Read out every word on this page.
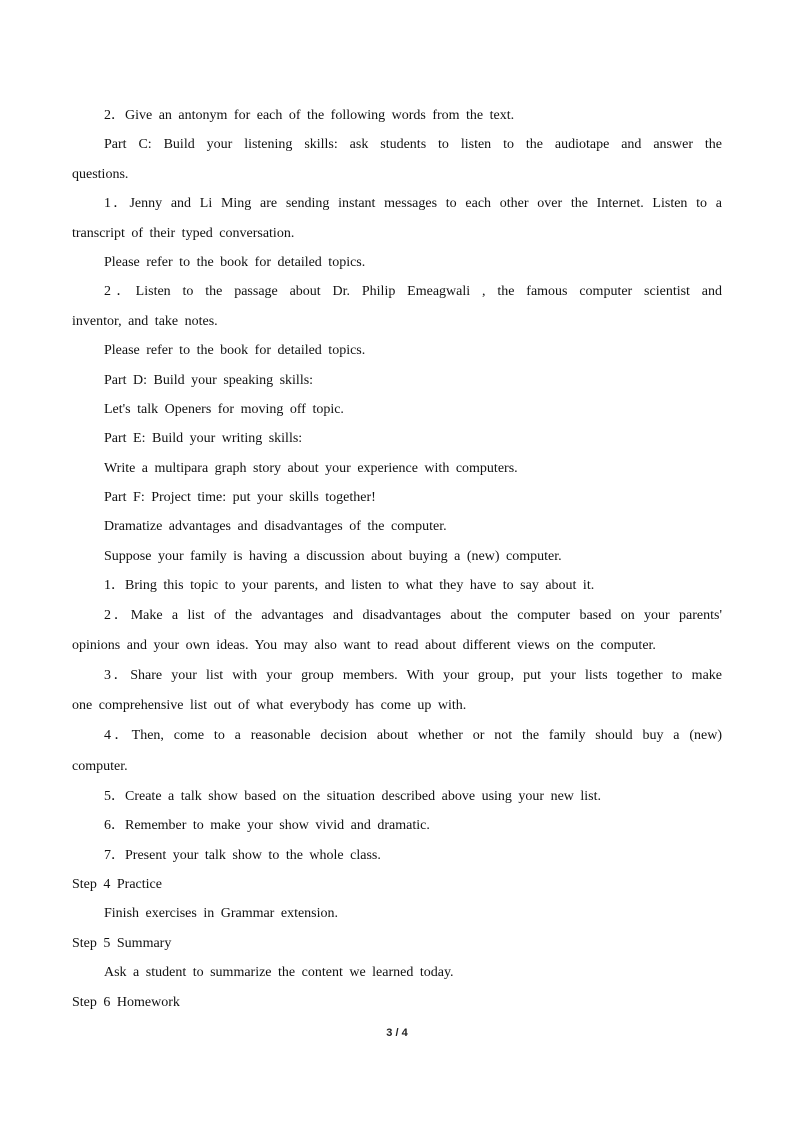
2．Give an antonym for each of the following words from the text.
Part C: Build your listening skills: ask students to listen to the audiotape and answer the
questions.
1．Jenny and Li Ming are sending instant messages to each other over the Internet. Listen to a
transcript of their typed conversation.
Please refer to the book for detailed topics.
2．Listen to the passage about Dr. Philip Emeagwali , the famous computer scientist and
inventor, and take notes.
Please refer to the book for detailed topics.
Part D: Build your speaking skills:
Let's talk Openers for moving off topic.
Part E: Build your writing skills:
Write a multipara graph story about your experience with computers.
Part F: Project time: put your skills together!
Dramatize advantages and disadvantages of the computer.
Suppose your family is having a discussion about buying a (new) computer.
1．Bring this topic to your parents, and listen to what they have to say about it.
2．Make a list of the advantages and disadvantages about the computer based on your parents'
opinions and your own ideas. You may also want to read about different views on the computer.
3．Share your list with your group members. With your group, put your lists together to make
one comprehensive list out of what everybody has come up with.
4．Then, come to a reasonable decision about whether or not the family should buy a (new)
computer.
5．Create a talk show based on the situation described above using your new list.
6．Remember to make your show vivid and dramatic.
7．Present your talk show to the whole class.
Step 4 Practice
Finish exercises in Grammar extension.
Step 5 Summary
Ask a student to summarize the content we learned today.
Step 6 Homework
3 / 4
